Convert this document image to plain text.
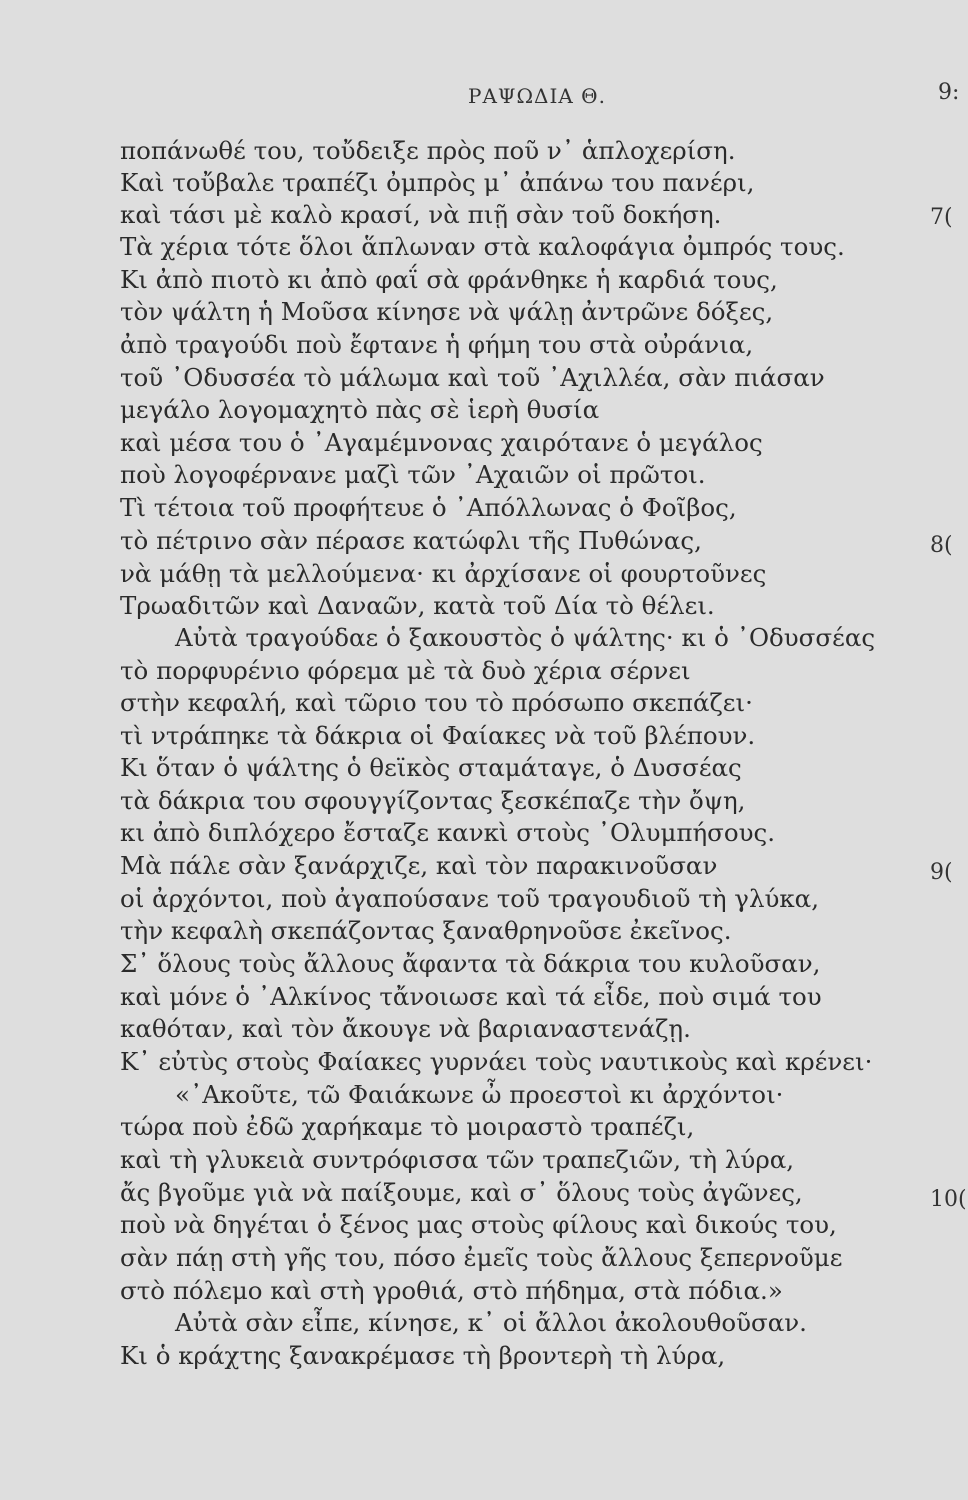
ΡΑΨΩΔΙΑ Θ.	9:
ποπάνωθέ του, τοὔδειξε πρὸς ποῦ ν᾽ ἁπλοχερίση.
Καὶ τοὔβαλε τραπέζι ὀμπρὸς μ᾽ ἀπάνω του πανέρι,
καὶ τάσι μὲ καλὸ κρασί, νὰ πιῇ σὰν τοῦ δοκήση.
Τὰ χέρια τότε ὅλοι ἅπλωναν στὰ καλοφάγια ὀμπρός τους.
Κι ἀπὸ πιοτὸ κι ἀπὸ φαΐ σὰ φράνθηκε ἡ καρδιά τους,
τὸν ψάλτη ἡ Μοῦσα κίνησε νὰ ψάλῃ ἀντρῶνε δόξες,
ἀπὸ τραγούδι ποὺ ἔφτανε ἡ φήμη του στὰ οὐράνια,
τοῦ ᾽Οδυσσέα τὸ μάλωμα καὶ τοῦ ᾽Αχιλλέα, σὰν πιάσαν
μεγάλο λογομαχητὸ πὰς σὲ ἱερὴ θυσία
καὶ μέσα του ὁ ᾽Αγαμέμνονας χαιρότανε ὁ μεγάλος
ποὺ λογοφέρνανε μαζὶ τῶν ᾽Αχαιῶν οἱ πρῶτοι.
Τὶ τέτοια τοῦ προφήτευε ὁ ᾽Απόλλωνας ὁ Φοῖβος,
τὸ πέτρινο σὰν πέρασε κατώφλι τῆς Πυθώνας,
νὰ μάθῃ τὰ μελλούμενα· κι ἀρχίσανε οἱ φουρτοῦνες
Τρωαδιτῶν καὶ Δαναῶν, κατὰ τοῦ Δία τὸ θέλει.
Αὐτὰ τραγούδαε ὁ ξακουστὸς ὁ ψάλτης· κι ὁ ᾽Οδυσσέας
τὸ πορφυρένιο φόρεμα μὲ τὰ δυὸ χέρια σέρνει
στὴν κεφαλή, καὶ τῶριο του τὸ πρόσωπο σκεπάζει·
τὶ ντράπηκε τὰ δάκρια οἱ Φαίακες νὰ τοῦ βλέπουν.
Κι ὅταν ὁ ψάλτης ὁ θεϊκὸς σταμάταγε, ὁ Δυσσέας
τὰ δάκρια του σφουγγίζοντας ξεσκέπαζε τὴν ὄψη,
κι ἀπὸ διπλόχερο ἔσταζε κανκὶ στοὺς ᾽Ολυμπήσους.
Μὰ πάλε σὰν ξανάρχιζε, καὶ τὸν παρακινοῦσαν
οἱ ἀρχόντοι, ποὺ ἀγαπούσανε τοῦ τραγουδιοῦ τὴ γλύκα,
τὴν κεφαλὴ σκεπάζοντας ξαναθρηνοῦσε ἐκεῖνος.
Σ᾽ ὅλους τοὺς ἄλλους ἄφαντα τὰ δάκρια του κυλοῦσαν,
καὶ μόνε ὁ ᾽Αλκίνος τἄνοιωσε καὶ τά εἶδε, ποὺ σιμά του
καθόταν, καὶ τὸν ἄκουγε νὰ βαριαναστενάζῃ.
Κ᾽ εὐτὺς στοὺς Φαίακες γυρνάει τοὺς ναυτικοὺς καὶ κρένει·
«᾽Ακοῦτε, τῶ Φαιάκωνε ὦ προεστοὶ κι ἀρχόντοι·
τώρα ποὺ ἐδῶ χαρήκαμε τὸ μοιραστὸ τραπέζι,
καὶ τὴ γλυκειὰ συντρόφισσα τῶν τραπεζιῶν, τὴ λύρα,
ἄς βγοῦμε γιὰ νὰ παίξουμε, καὶ σ᾽ ὅλους τοὺς ἀγῶνες,
ποὺ νὰ δηγέται ὁ ξένος μας στοὺς φίλους καὶ δικούς του,
σὰν πάῃ στὴ γῆς του, πόσο ἐμεῖς τοὺς ἄλλους ξεπερνοῦμε
στὸ πόλεμο καὶ στὴ γροθιά, στὸ πήδημα, στὰ πόδια.»
Αὐτὰ σὰν εἶπε, κίνησε, κ᾽ οἱ ἄλλοι ἀκολουθοῦσαν.
Κι ὁ κράχτης ξανακρέμασε τὴ βροντερὴ τὴ λύρα,
7(
8(
9(
10(
